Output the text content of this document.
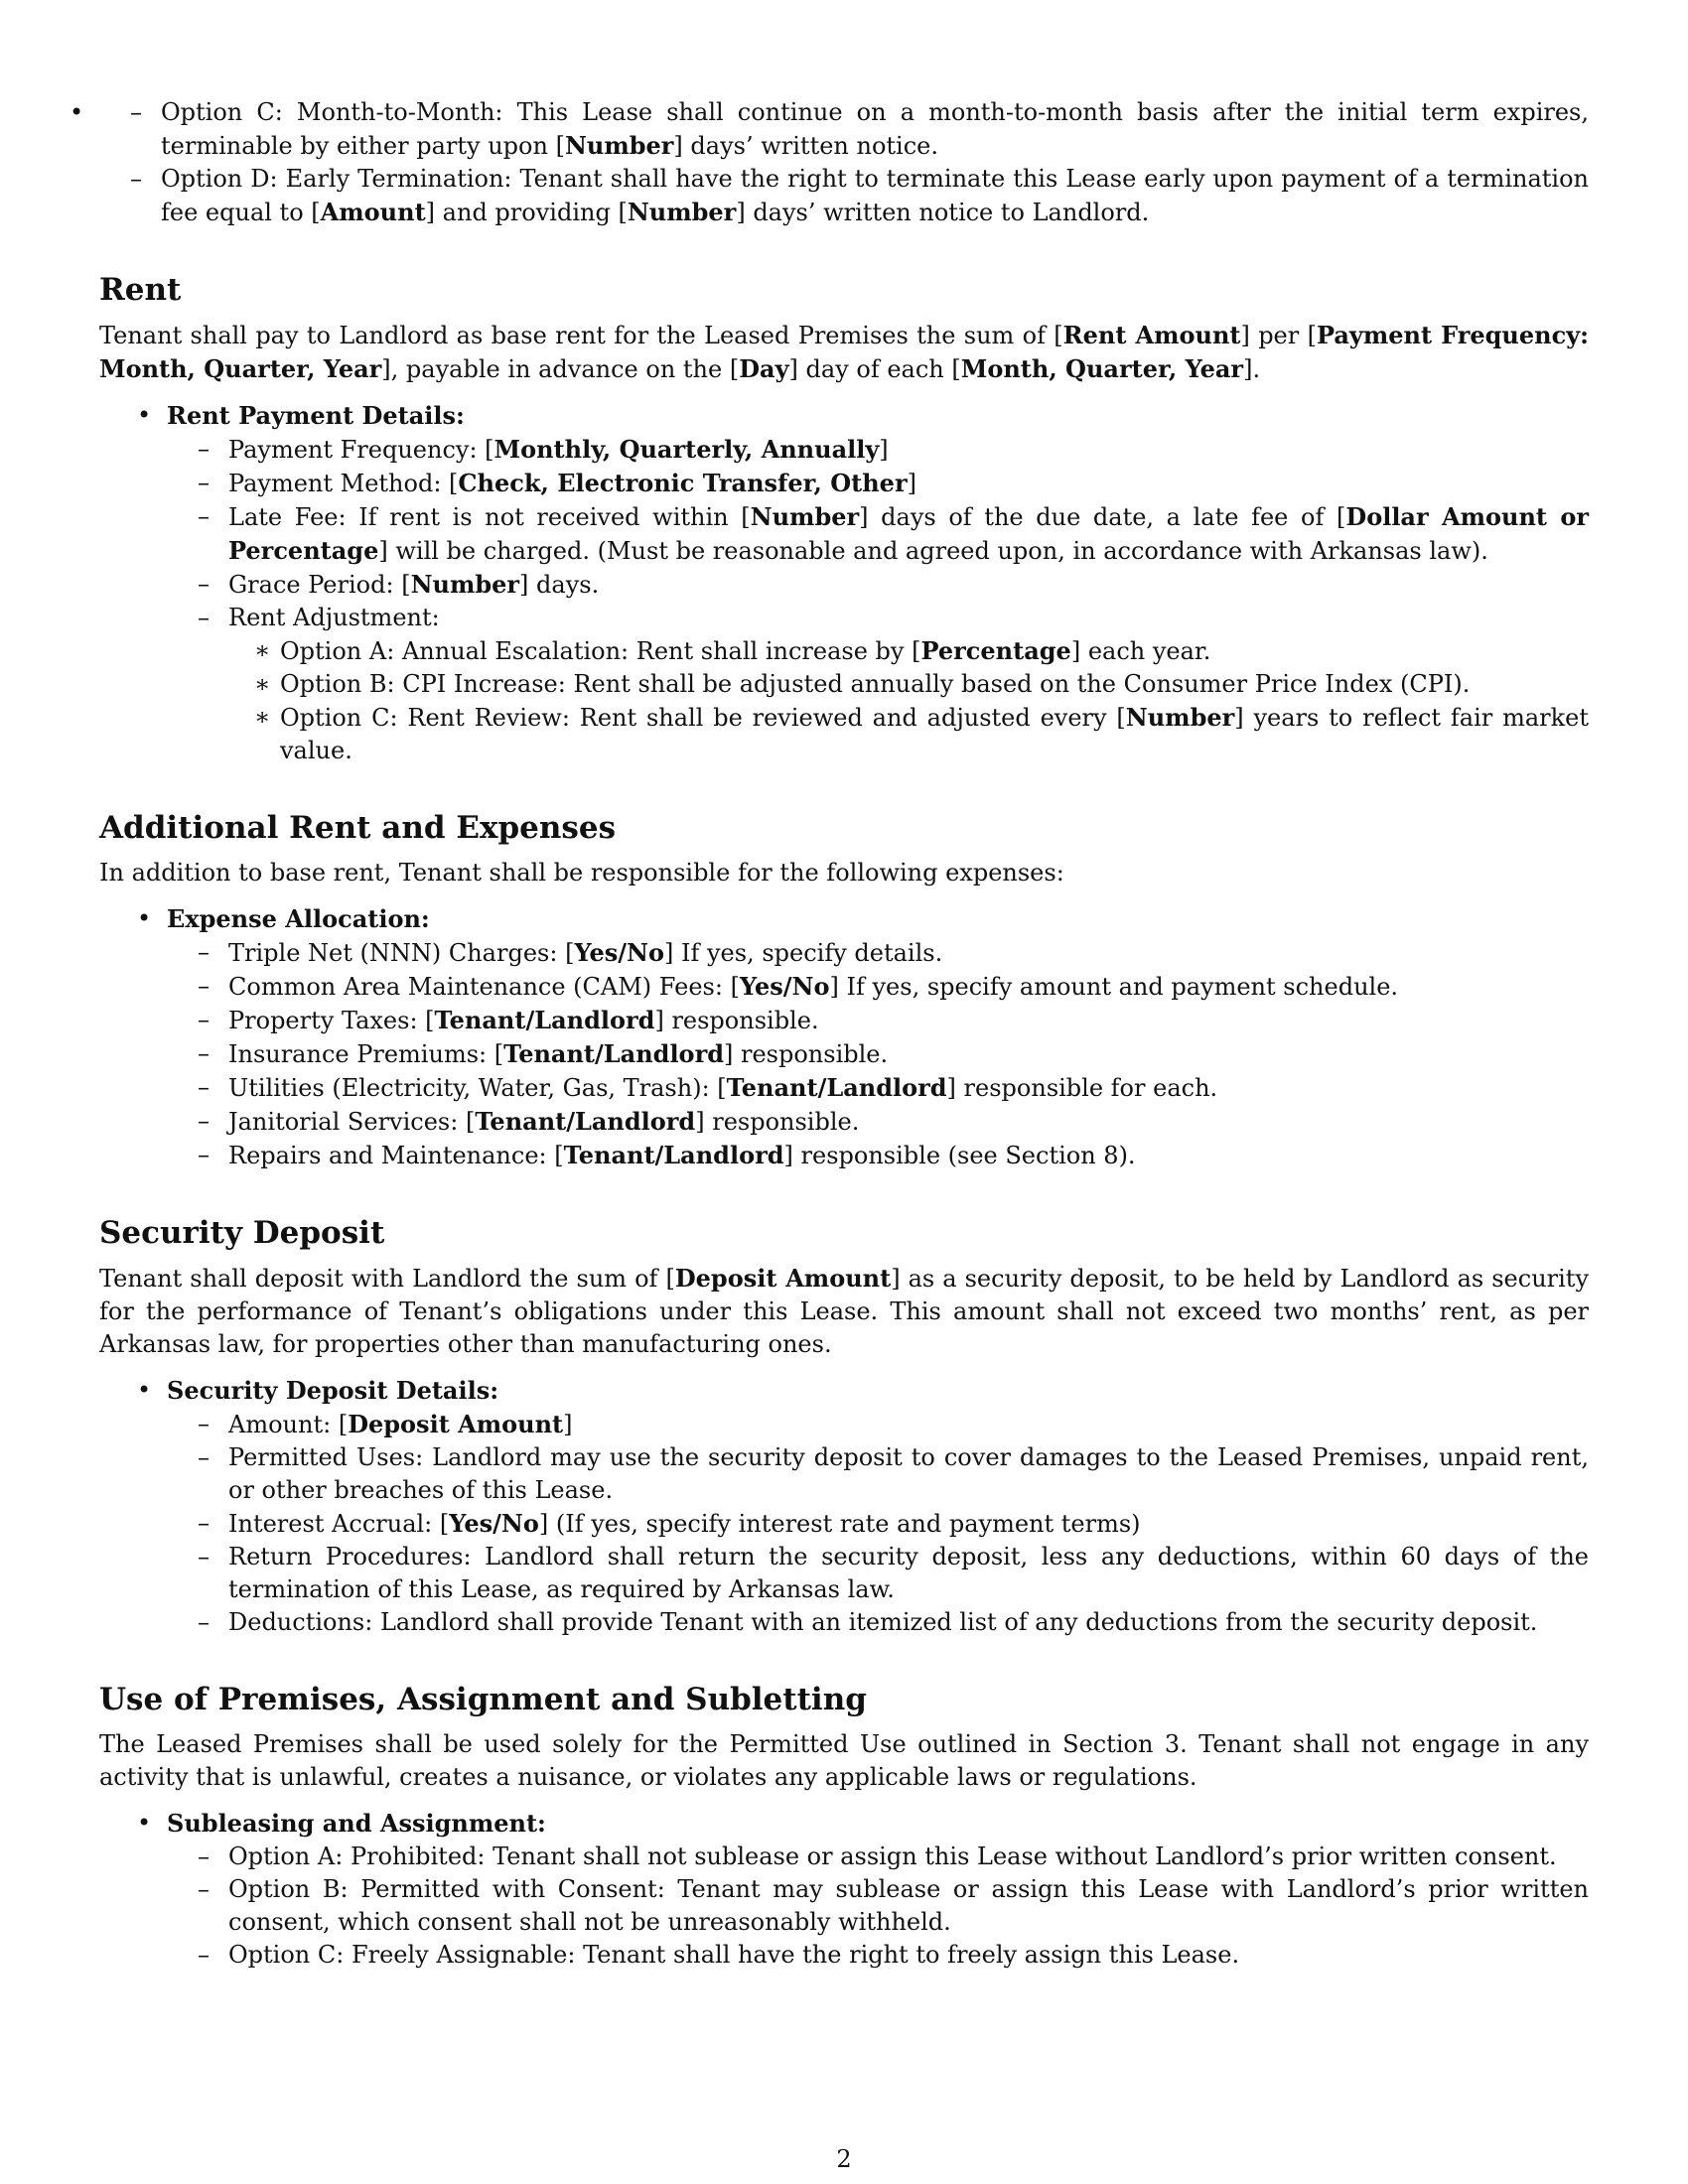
– • Option C: Month-to-Month: This Lease shall continue on a month-to-month basis after the initial term expires, terminable by either party upon [Number] days’ written notice.
– Option D: Early Termination: Tenant shall have the right to terminate this Lease early upon payment of a termination fee equal to [Amount] and providing [Number] days’ written notice to Landlord.
Rent

Tenant shall pay to Landlord as base rent for the Leased Premises the sum of [Rent Amount] per [Payment Frequency: Month, Quarter, Year], payable in advance on the [Day] day of each [Month, Quarter, Year].

• Rent Payment Details:
– Payment Frequency: [Monthly, Quarterly, Annually]
– Payment Method: [Check, Electronic Transfer, Other]
– Late Fee: If rent is not received within [Number] days of the due date, a late fee of [Dollar Amount or Percentage] will be charged. (Must be reasonable and agreed upon, in accordance with Arkansas law).
– Grace Period: [Number] days.
– Rent Adjustment:
∗ Option A: Annual Escalation: Rent shall increase by [Percentage] each year.
∗ Option B: CPI Increase: Rent shall be adjusted annually based on the Consumer Price Index (CPI).
∗ Option C: Rent Review: Rent shall be reviewed and adjusted every [Number] years to reflect fair market value.
Additional Rent and Expenses

In addition to base rent, Tenant shall be responsible for the following expenses:

• Expense Allocation:
– Triple Net (NNN) Charges: [Yes/No] If yes, specify details.
– Common Area Maintenance (CAM) Fees: [Yes/No] If yes, specify amount and payment schedule.
– Property Taxes: [Tenant/Landlord] responsible.
– Insurance Premiums: [Tenant/Landlord] responsible.
– Utilities (Electricity, Water, Gas, Trash): [Tenant/Landlord] responsible for each.
– Janitorial Services: [Tenant/Landlord] responsible.
– Repairs and Maintenance: [Tenant/Landlord] responsible (see Section 8).
Security Deposit

Tenant shall deposit with Landlord the sum of [Deposit Amount] as a security deposit, to be held by Landlord as security for the performance of Tenant’s obligations under this Lease. This amount shall not exceed two months’ rent, as per Arkansas law, for properties other than manufacturing ones.

• Security Deposit Details:
– Amount: [Deposit Amount]
– Permitted Uses: Landlord may use the security deposit to cover damages to the Leased Premises, unpaid rent, or other breaches of this Lease.
– Interest Accrual: [Yes/No] (If yes, specify interest rate and payment terms)
– Return Procedures: Landlord shall return the security deposit, less any deductions, within 60 days of the termination of this Lease, as required by Arkansas law.
– Deductions: Landlord shall provide Tenant with an itemized list of any deductions from the security deposit.
Use of Premises, Assignment and Subletting

The Leased Premises shall be used solely for the Permitted Use outlined in Section 3. Tenant shall not engage in any activity that is unlawful, creates a nuisance, or violates any applicable laws or regulations.

• Subleasing and Assignment:
– Option A: Prohibited: Tenant shall not sublease or assign this Lease without Landlord’s prior written consent.
– Option B: Permitted with Consent: Tenant may sublease or assign this Lease with Landlord’s prior written consent, which consent shall not be unreasonably withheld.
– Option C: Freely Assignable: Tenant shall have the right to freely assign this Lease.
2
